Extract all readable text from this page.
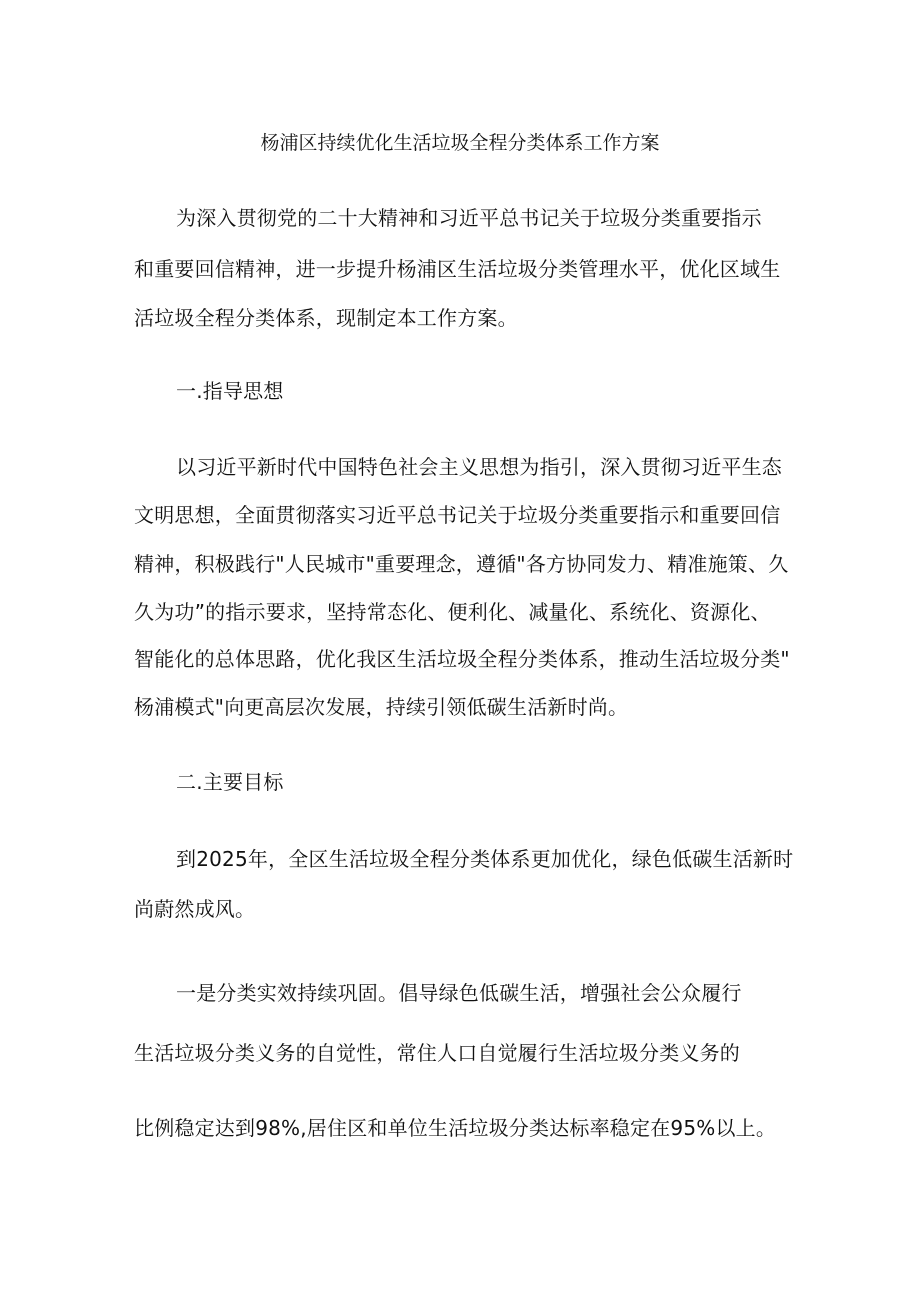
杨浦区持续优化生活垃圾全程分类体系工作方案
为深入贯彻党的二十大精神和习近平总书记关于垃圾分类重要指示
和重要回信精神，进一步提升杨浦区生活垃圾分类管理水平，优化区域生
活垃圾全程分类体系，现制定本工作方案。
一.指导思想
以习近平新时代中国特色社会主义思想为指引，深入贯彻习近平生态
文明思想，全面贯彻落实习近平总书记关于垃圾分类重要指示和重要回信
精神，积极践行"人民城市"重要理念，遵循"各方协同发力、精准施策、久
久为功”的指示要求，坚持常态化、便利化、减量化、系统化、资源化、
智能化的总体思路，优化我区生活垃圾全程分类体系，推动生活垃圾分类"
杨浦模式"向更高层次发展，持续引领低碳生活新时尚。
二.主要目标
到2025年，全区生活垃圾全程分类体系更加优化，绿色低碳生活新时
尚蔚然成风。
一是分类实效持续巩固。倡导绿色低碳生活，增强社会公众履行
生活垃圾分类义务的自觉性，常住人口自觉履行生活垃圾分类义务的
比例稳定达到98%,居住区和单位生活垃圾分类达标率稳定在95%以上。
